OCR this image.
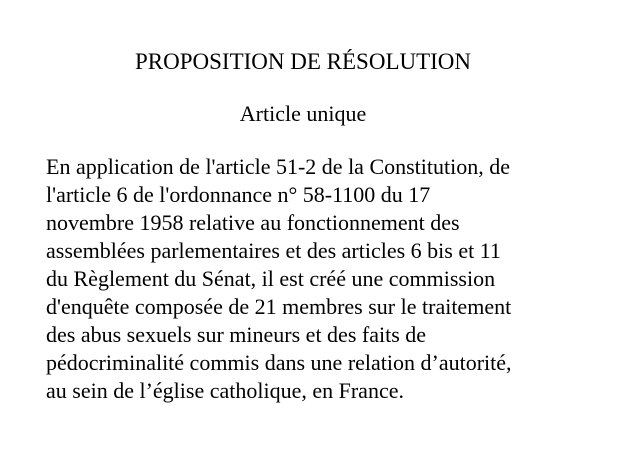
PROPOSITION DE RÉSOLUTION
Article unique
En application de l'article 51-2 de la Constitution, de
l'article 6 de l'ordonnance n° 58-1100 du 17
novembre 1958 relative au fonctionnement des
assemblées parlementaires et des articles 6 bis et 11
du Règlement du Sénat, il est créé une commission
d'enquête composée de 21 membres sur le traitement
des abus sexuels sur mineurs et des faits de
pédocriminalité commis dans une relation d’autorité,
au sein de l’église catholique, en France.
